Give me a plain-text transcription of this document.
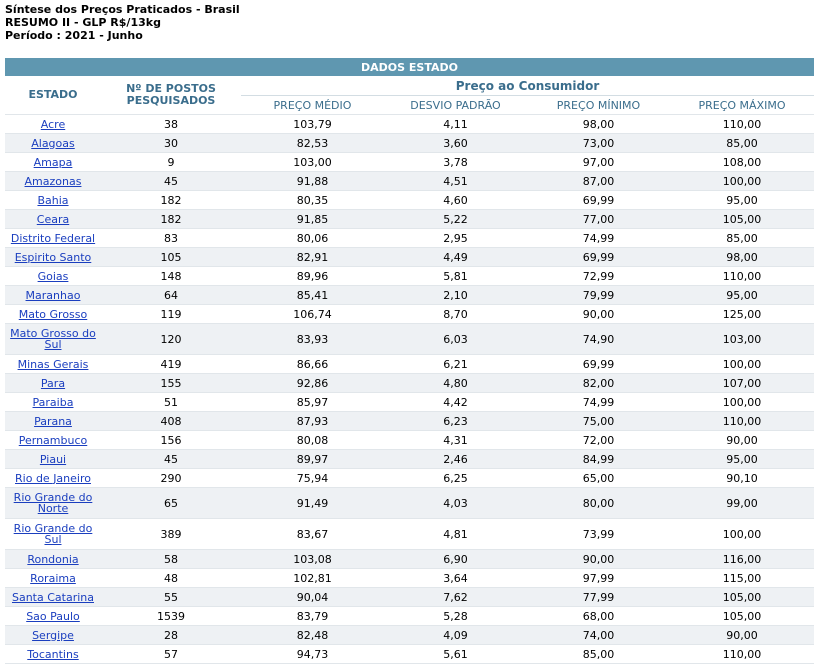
Síntese dos Preços Praticados - Brasil
RESUMO II - GLP R$/13kg
Período : 2021 - Junho
DADOS ESTADO					
ESTADO	Nº DE POSTOS PESQUISADOS	Preço ao Consumidor			
		PREÇO MÉDIO	DESVIO PADRÃO	PREÇO MÍNIMO	PREÇO MÁXIMO
Acre	38	103,79	4,11	98,00	110,00
Alagoas	30	82,53	3,60	73,00	85,00
Amapa	9	103,00	3,78	97,00	108,00
Amazonas	45	91,88	4,51	87,00	100,00
Bahia	182	80,35	4,60	69,99	95,00
Ceara	182	91,85	5,22	77,00	105,00
Distrito Federal	83	80,06	2,95	74,99	85,00
Espirito Santo	105	82,91	4,49	69,99	98,00
Goias	148	89,96	5,81	72,99	110,00
Maranhao	64	85,41	2,10	79,99	95,00
Mato Grosso	119	106,74	8,70	90,00	125,00
Mato Grosso do Sul	120	83,93	6,03	74,90	103,00
Minas Gerais	419	86,66	6,21	69,99	100,00
Para	155	92,86	4,80	82,00	107,00
Paraiba	51	85,97	4,42	74,99	100,00
Parana	408	87,93	6,23	75,00	110,00
Pernambuco	156	80,08	4,31	72,00	90,00
Piaui	45	89,97	2,46	84,99	95,00
Rio de Janeiro	290	75,94	6,25	65,00	90,10
Rio Grande do Norte	65	91,49	4,03	80,00	99,00
Rio Grande do Sul	389	83,67	4,81	73,99	100,00
Rondonia	58	103,08	6,90	90,00	116,00
Roraima	48	102,81	3,64	97,99	115,00
Santa Catarina	55	90,04	7,62	77,99	105,00
Sao Paulo	1539	83,79	5,28	68,00	105,00
Sergipe	28	82,48	4,09	74,00	90,00
Tocantins	57	94,73	5,61	85,00	110,00
